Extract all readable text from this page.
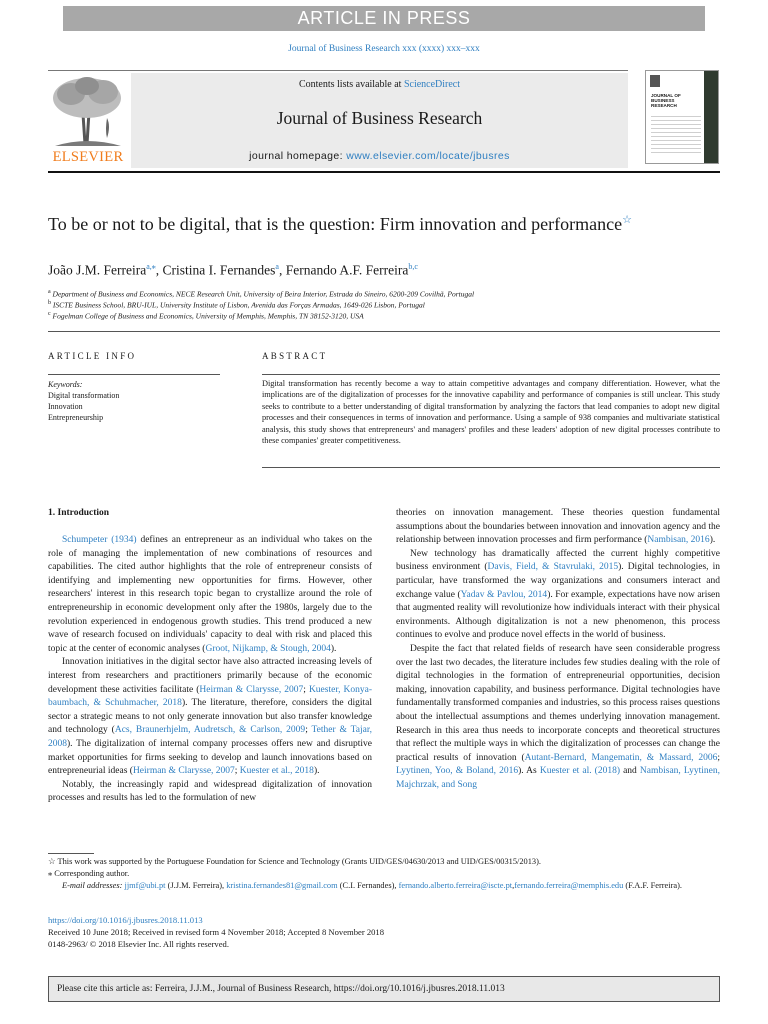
ARTICLE IN PRESS
Journal of Business Research xxx (xxxx) xxx–xxx
ELSEVIER
Contents lists available at ScienceDirect
Journal of Business Research
journal homepage: www.elsevier.com/locate/jbusres
JOURNAL OF
BUSINESS
RESEARCH
To be or not to be digital, that is the question: Firm innovation and performance☆
João J.M. Ferreira$^{a,⁎}$, Cristina I. Fernandes$^a$, Fernando A.F. Ferreira$^{b,c}$
$^a$ Department of Business and Economics, NECE Research Unit, University of Beira Interior, Estrada do Sineiro, 6200-209 Covilhã, Portugal
$^b$ ISCTE Business School, BRU-IUL, University Institute of Lisbon, Avenida das Forças Armadas, 1649-026 Lisbon, Portugal
$^c$ Fogelman College of Business and Economics, University of Memphis, Memphis, TN 38152-3120, USA
ARTICLE INFO
Keywords:
Digital transformation
Innovation
Entrepreneurship
ABSTRACT
Digital transformation has recently become a way to attain competitive advantages and company differentiation. However, what the implications are of the digitalization of processes for the innovative capability and performance of companies is still unclear. This study seeks to contribute to a better understanding of digital transformation by analyzing the factors that lead companies to adopt new digital processes and their consequences in terms of innovation and performance. Using a sample of 938 companies and multivariate statistical analysis, this study shows that entrepreneurs' and managers' profiles and these leaders' adoption of new digital processes contribute to these companies' greater competitiveness.
1. Introduction

Schumpeter (1934) defines an entrepreneur as an individual who takes on the role of managing the implementation of new combinations of resources and capabilities. The cited author highlights that the role of entrepreneur consists of identifying and implementing new opportunities for firms. However, other researchers' interest in this research topic began to crystallize around the role of entrepreneurship in economic development only after the 1980s, largely due to the revolution experienced in endogenous growth studies. This trend produced a new wave of research focused on individuals' capacity to deal with risk and placed this topic at the center of economic analyses (Groot, Nijkamp, & Stough, 2004).

Innovation initiatives in the digital sector have also attracted increasing levels of interest from researchers and practitioners primarily because of the economic development these activities facilitate (Heirman & Clarysse, 2007; Kuester, Konya-baumbach, & Schuhmacher, 2018). The literature, therefore, considers the digital sector a strategic means to not only generate innovation but also transfer knowledge and technology (Acs, Braunerhjelm, Audretsch, & Carlson, 2009; Tether & Tajar, 2008). The digitalization of internal company processes offers new and disruptive market opportunities for firms seeking to develop and launch innovations based on entrepreneurial ideas (Heirman & Clarysse, 2007; Kuester et al., 2018).

Notably, the increasingly rapid and widespread digitalization of innovation processes and results has led to the formulation of new

theories on innovation management. These theories question fundamental assumptions about the boundaries between innovation and innovation agency and the relationship between innovation processes and firm performance (Nambisan, 2016).

New technology has dramatically affected the current highly competitive business environment (Davis, Field, & Stavrulaki, 2015). Digital technologies, in particular, have transformed the way organizations and consumers interact and exchange value (Yadav & Pavlou, 2014). For example, expectations have now arisen that augmented reality will revolutionize how individuals interact with their physical environments. Although digitalization is not a new phenomenon, this process continues to evolve and produce novel effects in the world of business.

Despite the fact that related fields of research have seen considerable progress over the last two decades, the literature includes few studies dealing with the role of digital technologies in the formation of entrepreneurial opportunities, decision making, innovation capability, and business performance. Digital technologies have fundamentally transformed companies and industries, so this process raises questions about the intellectual assumptions and themes underlying innovation management. Research in this area thus needs to incorporate concepts and theoretical structures that reflect the multiple ways in which the digitalization of processes can change the practical results of innovation (Autant-Bernard, Mangematin, & Massard, 2006; Lyytinen, Yoo, & Boland, 2016). As Kuester et al. (2018) and Nambisan, Lyytinen, Majchrzak, and Song

☆ This work was supported by the Portuguese Foundation for Science and Technology (Grants UID/GES/04630/2013 and UID/GES/00315/2013).
⁎ Corresponding author.
E-mail addresses: jjmf@ubi.pt (J.J.M. Ferreira), kristina.fernandes81@gmail.com (C.I. Fernandes), fernando.alberto.ferreira@iscte.pt,fernando.ferreira@memphis.edu (F.A.F. Ferreira).
https://doi.org/10.1016/j.jbusres.2018.11.013
Received 10 June 2018; Received in revised form 4 November 2018; Accepted 8 November 2018
0148-2963/ © 2018 Elsevier Inc. All rights reserved.
Please cite this article as: Ferreira, J.J.M., Journal of Business Research, https://doi.org/10.1016/j.jbusres.2018.11.013
